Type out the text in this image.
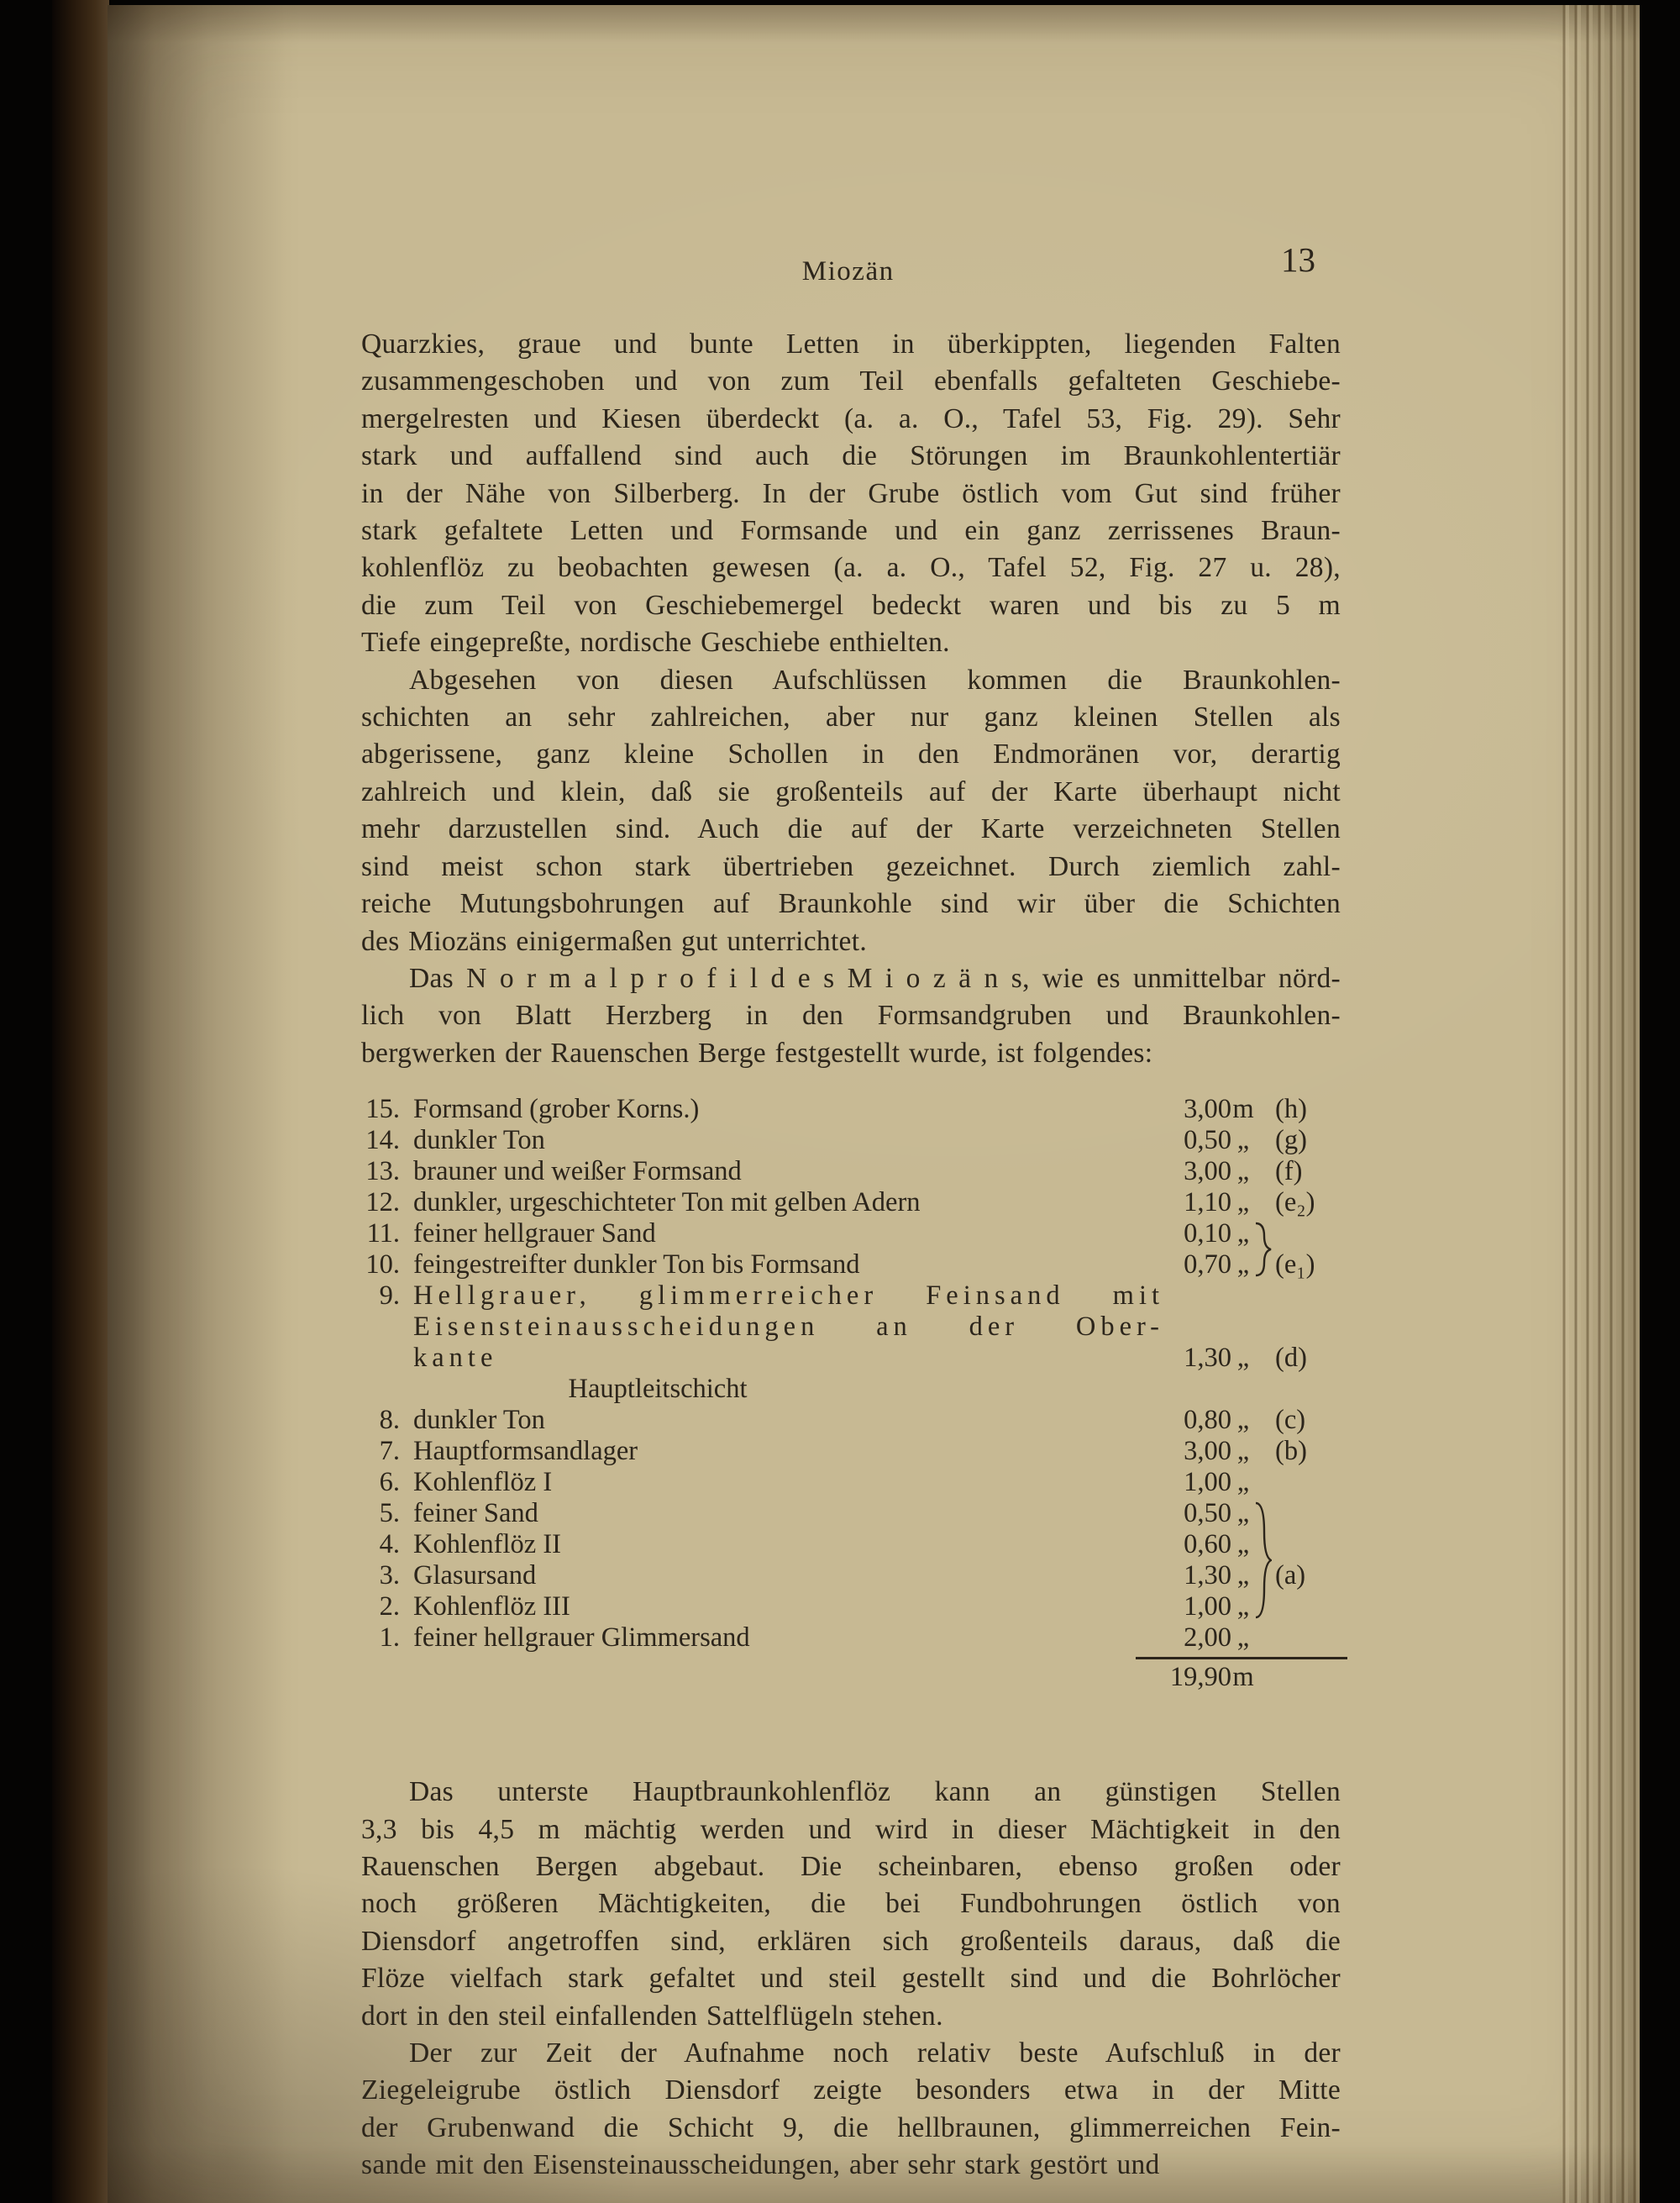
Miozän	13
Quarzkies, graue und bunte Letten in überkippten, liegenden Falten
zusammengeschoben und von zum Teil ebenfalls gefalteten Geschiebe-
mergelresten und Kiesen überdeckt (a. a. O., Tafel 53, Fig. 29). Sehr
stark und auffallend sind auch die Störungen im Braunkohlentertiär
in der Nähe von Silberberg. In der Grube östlich vom Gut sind früher
stark gefaltete Letten und Formsande und ein ganz zerrissenes Braun-
kohlenflöz zu beobachten gewesen (a. a. O., Tafel 52, Fig. 27 u. 28),
die zum Teil von Geschiebemergel bedeckt waren und bis zu 5 m
Tiefe eingepreßte, nordische Geschiebe enthielten.
Abgesehen von diesen Aufschlüssen kommen die Braunkohlen-
schichten an sehr zahlreichen, aber nur ganz kleinen Stellen als
abgerissene, ganz kleine Schollen in den Endmoränen vor, derartig
zahlreich und klein, daß sie großenteils auf der Karte überhaupt nicht
mehr darzustellen sind. Auch die auf der Karte verzeichneten Stellen
sind meist schon stark übertrieben gezeichnet. Durch ziemlich zahl-
reiche Mutungsbohrungen auf Braunkohle sind wir über die Schichten
des Miozäns einigermaßen gut unterrichtet.
Das N o r m a l p r o f i l d e s M i o z ä n s, wie es unmittelbar nörd-
lich von Blatt Herzberg in den Formsandgruben und Braunkohlen-
bergwerken der Rauenschen Berge festgestellt wurde, ist folgendes:
15. Formsand (grober Korns.)	3,00 m (h)
14. dunkler Ton	0,50 „ (g)
13. brauner und weißer Formsand	3,00 „ (f)
12. dunkler, urgeschichteter Ton mit gelben Adern	1,10 „ (e₂)
11. feiner hellgrauer Sand	0,10 „
10. feingestreifter dunkler Ton bis Formsand	0,70 „ (e₁)
9. Hellgrauer, glimmerreicher Feinsand mit
Eisensteinausscheidungen an der Ober-
kante	1,30 „ (d)
Hauptleitschicht
8. dunkler Ton	0,80 „ (c)
7. Hauptformsandlager	3,00 „ (b)
6. Kohlenflöz I	1,00 „
5. feiner Sand	0,50 „
4. Kohlenflöz II	0,60 „
3. Glasursand	1,30 „ (a)
2. Kohlenflöz III	1,00 „
1. feiner hellgrauer Glimmersand	2,00 „
19,90 m
Das unterste Hauptbraunkohlenflöz kann an günstigen Stellen
3,3 bis 4,5 m mächtig werden und wird in dieser Mächtigkeit in den
Rauenschen Bergen abgebaut. Die scheinbaren, ebenso großen oder
noch größeren Mächtigkeiten, die bei Fundbohrungen östlich von
Diensdorf angetroffen sind, erklären sich großenteils daraus, daß die
Flöze vielfach stark gefaltet und steil gestellt sind und die Bohrlöcher
dort in den steil einfallenden Sattelflügeln stehen.
Der zur Zeit der Aufnahme noch relativ beste Aufschluß in der
Ziegeleigrube östlich Diensdorf zeigte besonders etwa in der Mitte
der Grubenwand die Schicht 9, die hellbraunen, glimmerreichen Fein-
sande mit den Eisensteinausscheidungen, aber sehr stark gestört und
